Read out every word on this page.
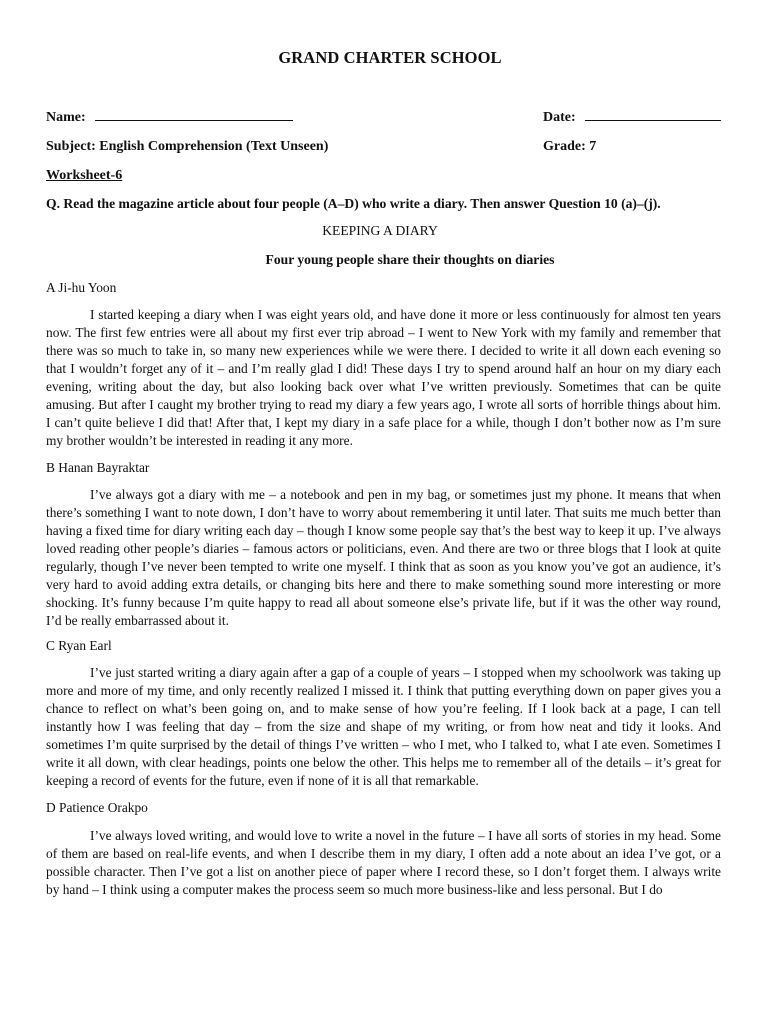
GRAND CHARTER SCHOOL
Name:	Date:
Subject: English Comprehension (Text Unseen)	Grade: 7
Worksheet-6
Q. Read the magazine article about four people (A–D) who write a diary. Then answer Question 10 (a)–(j).
KEEPING A DIARY
Four young people share their thoughts on diaries
A Ji-hu Yoon

I started keeping a diary when I was eight years old, and have done it more or less continuously for almost ten years now. The first few entries were all about my first ever trip abroad – I went to New York with my family and remember that there was so much to take in, so many new experiences while we were there. I decided to write it all down each evening so that I wouldn’t forget any of it – and I’m really glad I did! These days I try to spend around half an hour on my diary each evening, writing about the day, but also looking back over what I’ve written previously. Sometimes that can be quite amusing. But after I caught my brother trying to read my diary a few years ago, I wrote all sorts of horrible things about him. I can’t quite believe I did that! After that, I kept my diary in a safe place for a while, though I don’t bother now as I’m sure my brother wouldn’t be interested in reading it any more.

B Hanan Bayraktar

I’ve always got a diary with me – a notebook and pen in my bag, or sometimes just my phone. It means that when there’s something I want to note down, I don’t have to worry about remembering it until later. That suits me much better than having a fixed time for diary writing each day – though I know some people say that’s the best way to keep it up. I’ve always loved reading other people’s diaries – famous actors or politicians, even. And there are two or three blogs that I look at quite regularly, though I’ve never been tempted to write one myself. I think that as soon as you know you’ve got an audience, it’s very hard to avoid adding extra details, or changing bits here and there to make something sound more interesting or more shocking. It’s funny because I’m quite happy to read all about someone else’s private life, but if it was the other way round, I’d be really embarrassed about it.

C Ryan Earl

I’ve just started writing a diary again after a gap of a couple of years – I stopped when my schoolwork was taking up more and more of my time, and only recently realized I missed it. I think that putting everything down on paper gives you a chance to reflect on what’s been going on, and to make sense of how you’re feeling. If I look back at a page, I can tell instantly how I was feeling that day – from the size and shape of my writing, or from how neat and tidy it looks. And sometimes I’m quite surprised by the detail of things I’ve written – who I met, who I talked to, what I ate even. Sometimes I write it all down, with clear headings, points one below the other. This helps me to remember all of the details – it’s great for keeping a record of events for the future, even if none of it is all that remarkable.

D Patience Orakpo

I’ve always loved writing, and would love to write a novel in the future – I have all sorts of stories in my head. Some of them are based on real-life events, and when I describe them in my diary, I often add a note about an idea I’ve got, or a possible character. Then I’ve got a list on another piece of paper where I record these, so I don’t forget them. I always write by hand – I think using a computer makes the process seem so much more business-like and less personal. But I do
